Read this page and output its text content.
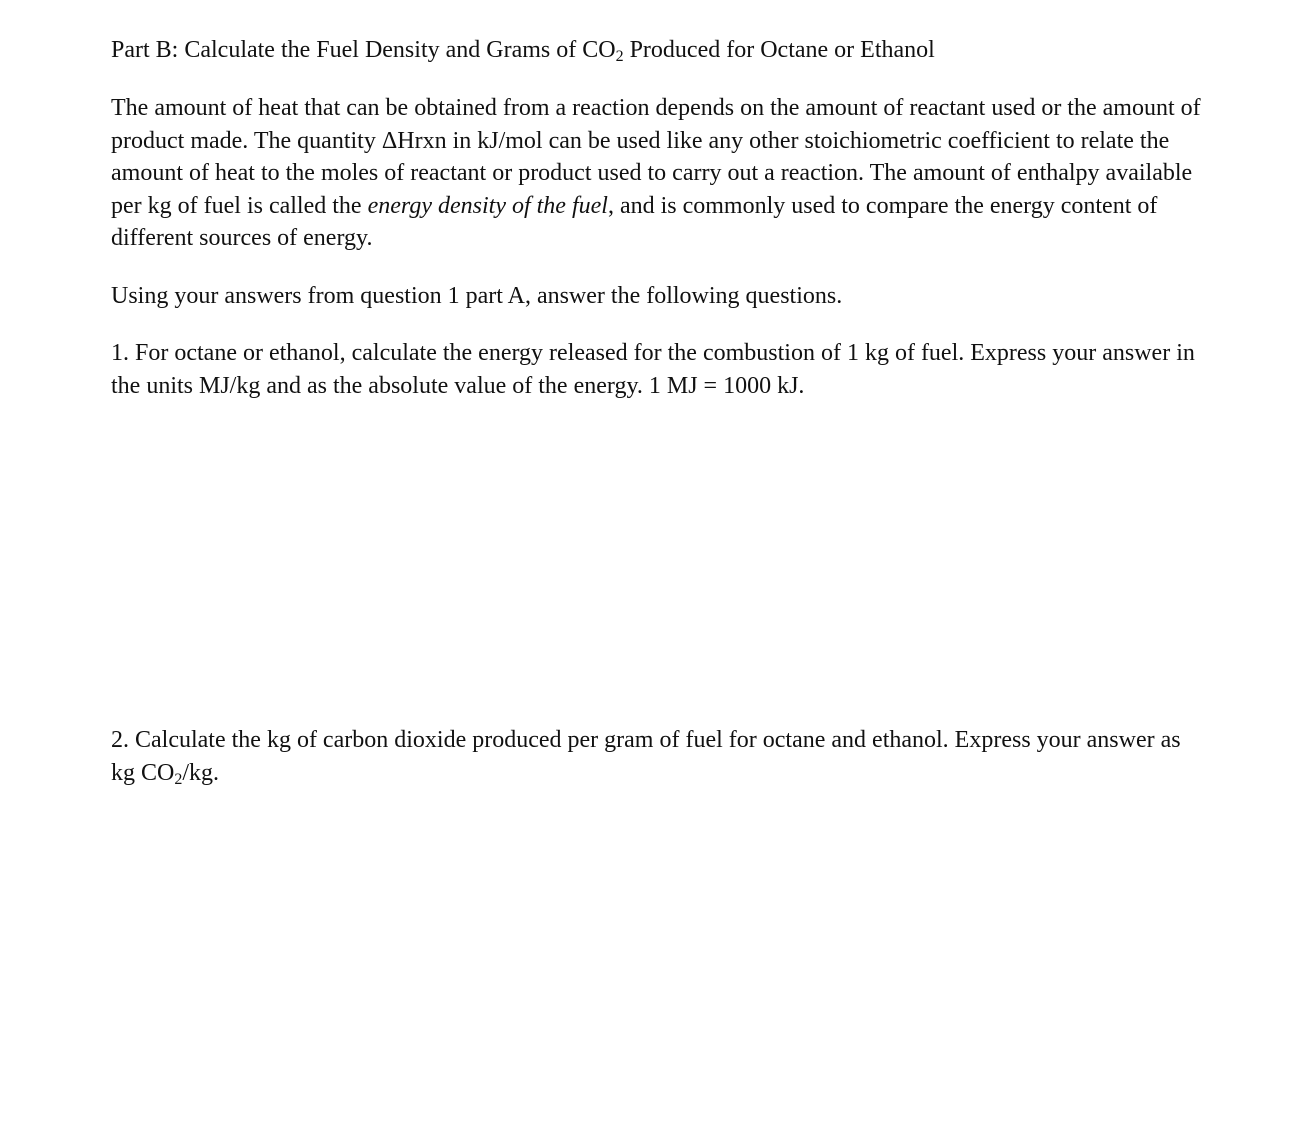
Part B: Calculate the Fuel Density and Grams of $CO_2$ Produced for Octane or Ethanol
The amount of heat that can be obtained from a reaction depends on the amount of reactant used or the amount of product made. The quantity ΔHrxn in kJ/mol can be used like any other stoichiometric coefficient to relate the amount of heat to the moles of reactant or product used to carry out a reaction. The amount of enthalpy available per kg of fuel is called the energy density of the fuel, and is commonly used to compare the energy content of different sources of energy.
Using your answers from question 1 part A, answer the following questions.
1. For octane or ethanol, calculate the energy released for the combustion of 1 kg of fuel. Express your answer in the units MJ/kg and as the absolute value of the energy. 1 MJ = 1000 kJ.
2. Calculate the kg of carbon dioxide produced per gram of fuel for octane and ethanol. Express your answer as kg $CO_2/kg$.
